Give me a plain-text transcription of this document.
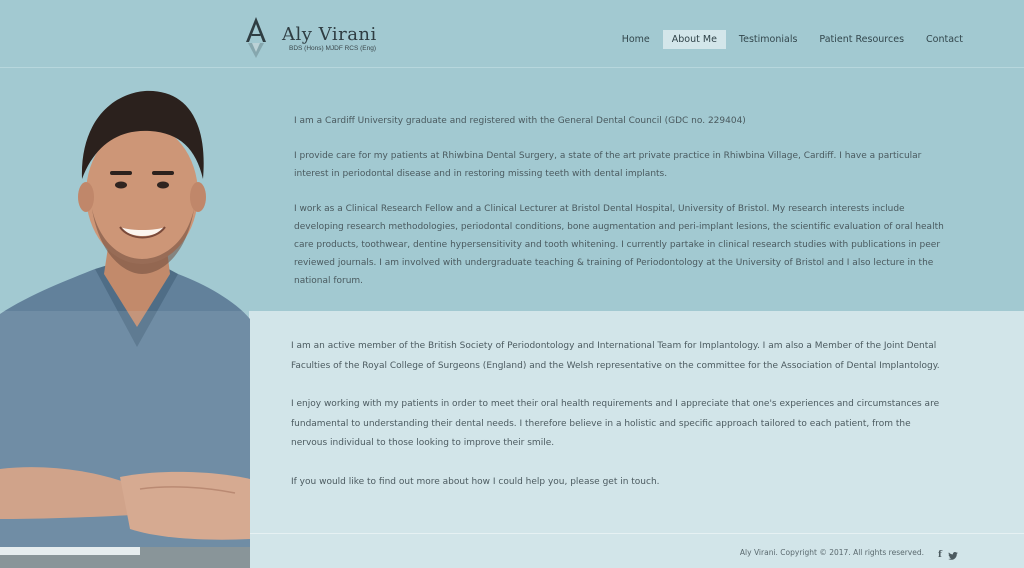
Aly Virani
BDS (Hons) MJDF RCS (Eng)
Home	About Me	Testimonials	Patient Resources	Contact

I am a Cardiff University graduate and registered with the General Dental Council (GDC no. 229404)

I provide care for my patients at Rhiwbina Dental Surgery, a state of the art private practice in Rhiwbina Village, Cardiff. I have a particular interest in periodontal disease and in restoring missing teeth with dental implants.

I work as a Clinical Research Fellow and a Clinical Lecturer at Bristol Dental Hospital, University of Bristol. My research interests include developing research methodologies, periodontal conditions, bone augmentation and peri-implant lesions, the scientific evaluation of oral health care products, toothwear, dentine hypersensitivity and tooth whitening. I currently partake in clinical research studies with publications in peer reviewed journals. I am involved with undergraduate teaching & training of Periodontology at the University of Bristol and I also lecture in the national forum.

I am an active member of the British Society of Periodontology and International Team for Implantology. I am also a Member of the Joint Dental Faculties of the Royal College of Surgeons (England) and the Welsh representative on the committee for the Association of Dental Implantology.

I enjoy working with my patients in order to meet their oral health requirements and I appreciate that one's experiences and circumstances are fundamental to understanding their dental needs. I therefore believe in a holistic and specific approach tailored to each patient, from the nervous individual to those looking to improve their smile.

If you would like to find out more about how I could help you, please get in touch.

Aly Virani. Copyright © 2017. All rights reserved. f
